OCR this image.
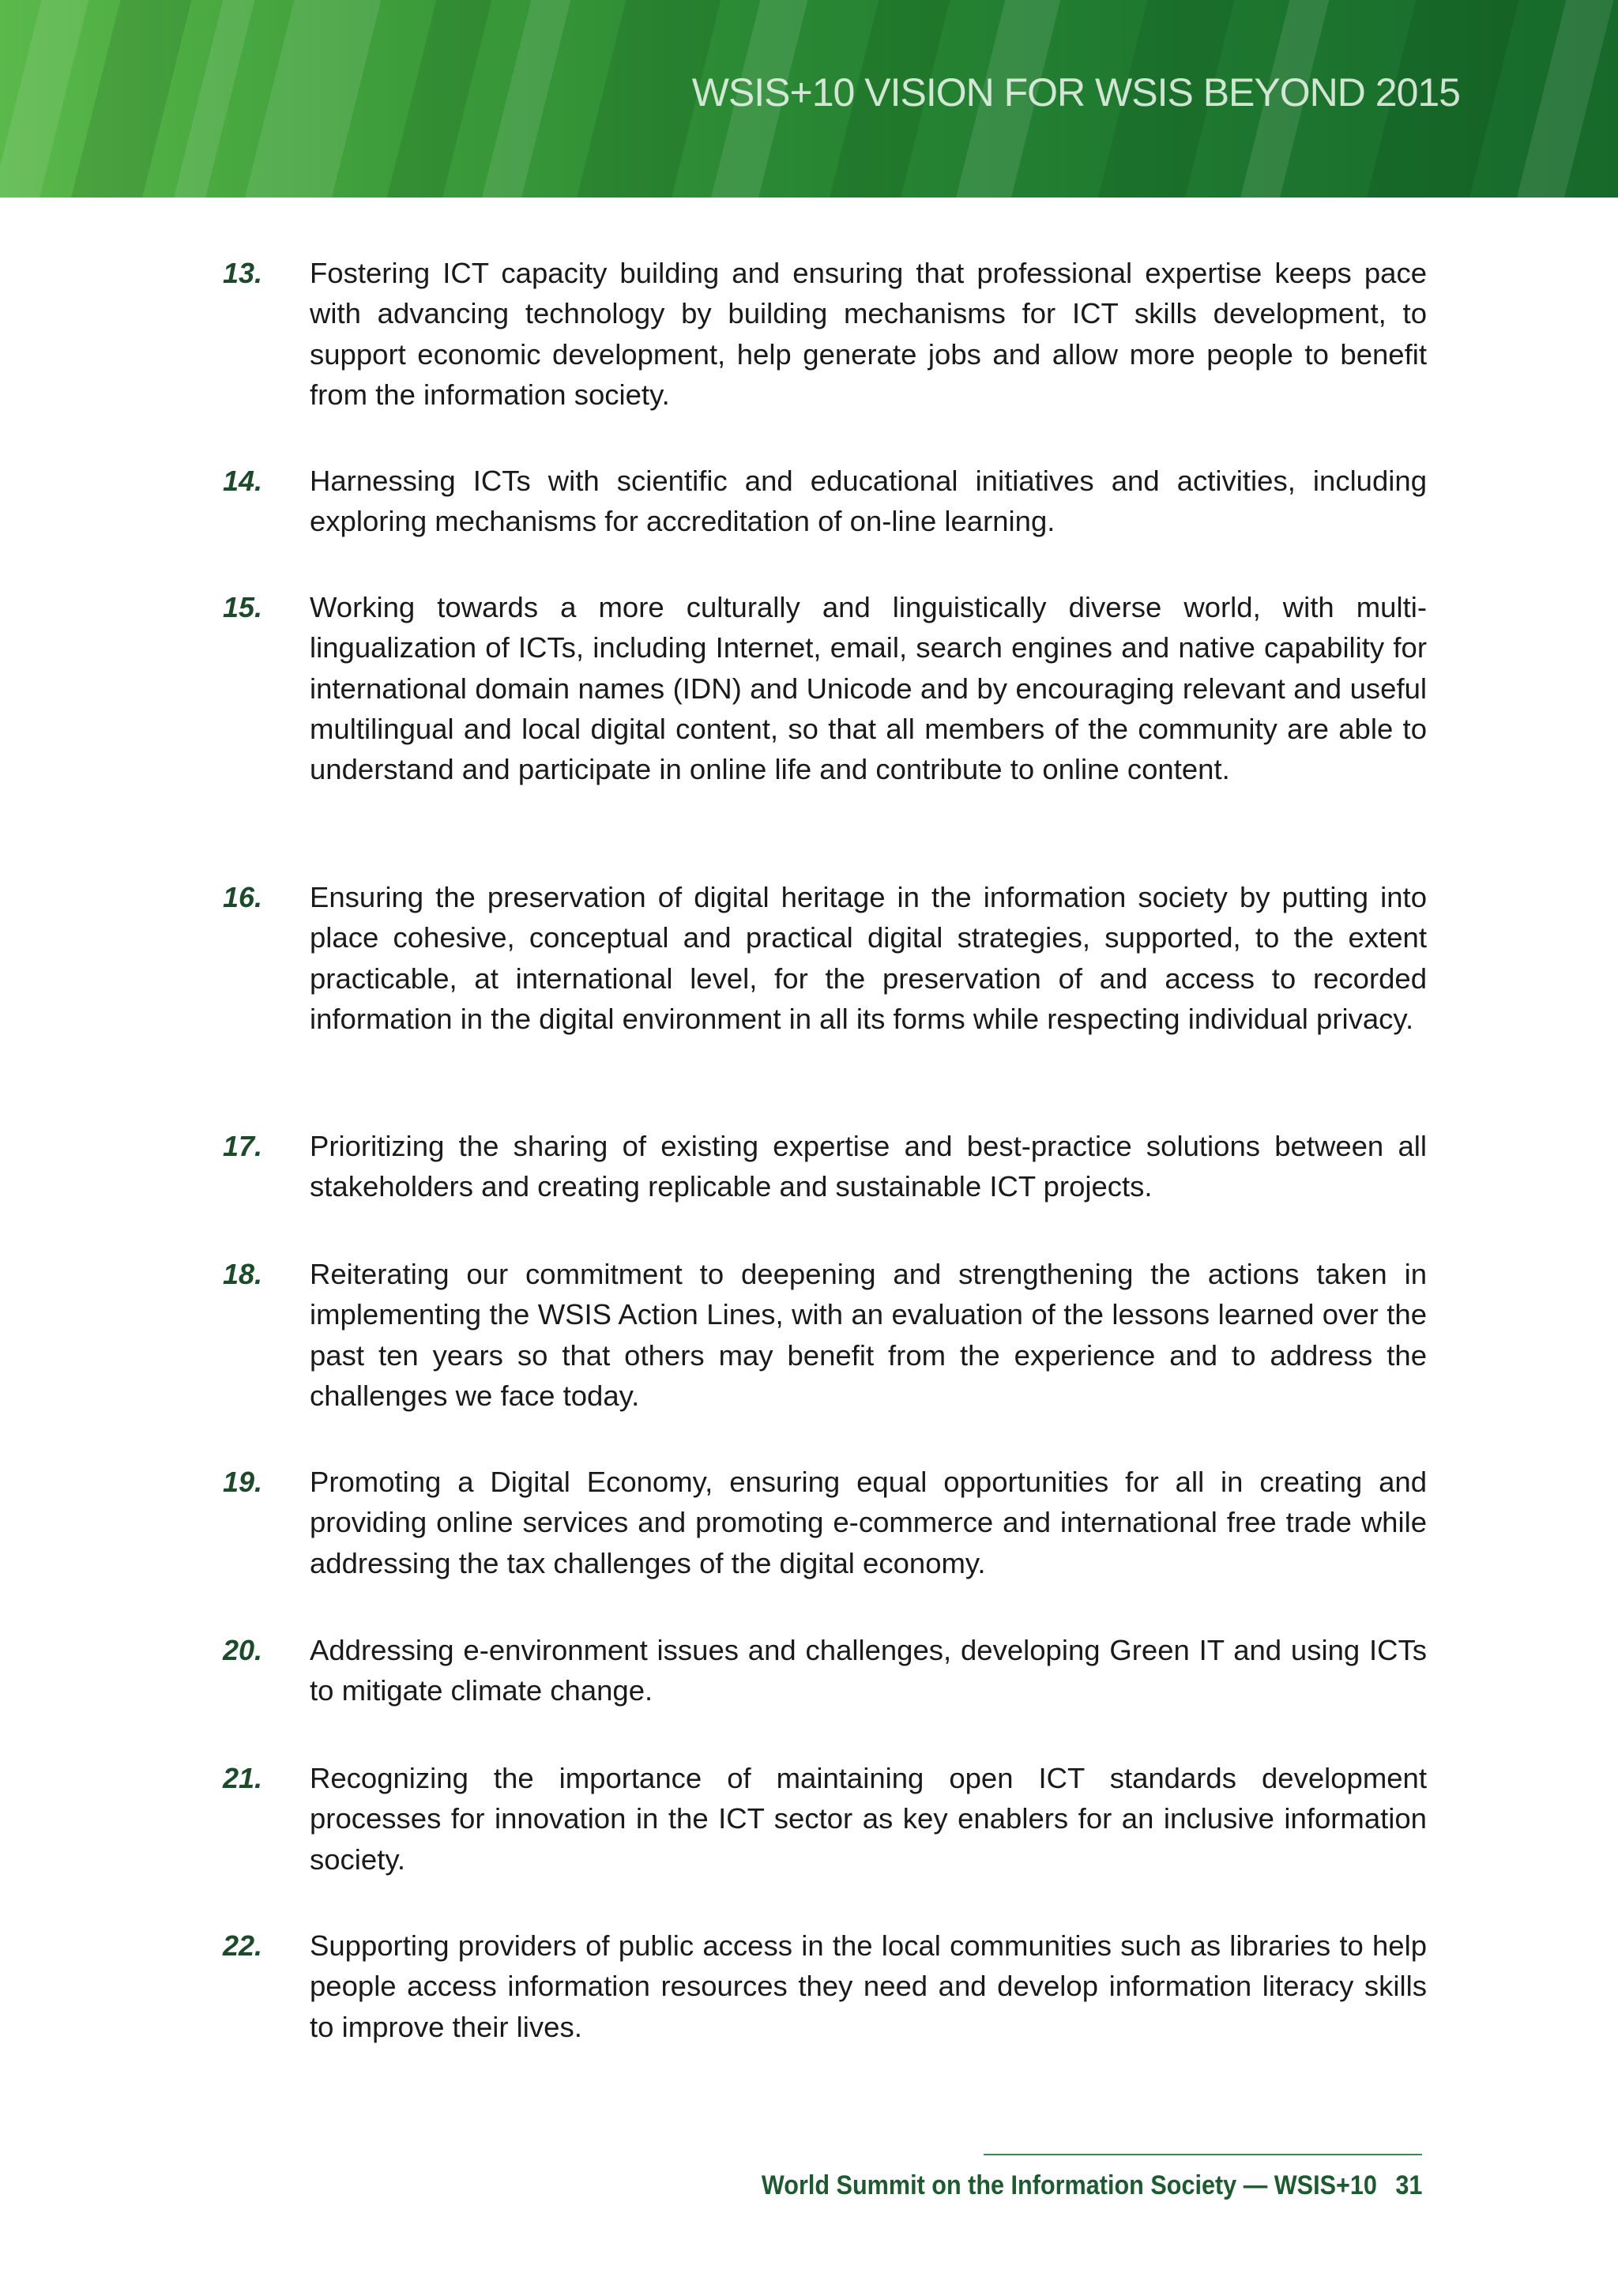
WSIS+10 VISION FOR WSIS BEYOND 2015
13.	Fostering ICT capacity building and ensuring that professional expertise keeps pace with advancing technology by building mechanisms for ICT skills development, to support economic development, help generate jobs and allow more people to benefit from the information society.
14.	Harnessing ICTs with scientific and educational initiatives and activities, including exploring mechanisms for accreditation of on-line learning.
15.	Working towards a more culturally and linguistically diverse world, with multi-lingualization of ICTs, including Internet, email, search engines and native capability for international domain names (IDN) and Unicode and by encouraging relevant and useful multilingual and local digital content, so that all members of the community are able to understand and participate in online life and contribute to online content.
16.	Ensuring the preservation of digital heritage in the information society by putting into place cohesive, conceptual and practical digital strategies, supported, to the extent practicable, at international level, for the preservation of and access to recorded information in the digital environment in all its forms while respecting individual privacy.
17.	Prioritizing the sharing of existing expertise and best-practice solutions between all stakeholders and creating replicable and sustainable ICT projects.
18.	Reiterating our commitment to deepening and strengthening the actions taken in implementing the WSIS Action Lines, with an evaluation of the lessons learned over the past ten years so that others may benefit from the experience and to address the challenges we face today.
19.	Promoting a Digital Economy, ensuring equal opportunities for all in creating and providing online services and promoting e-commerce and international free trade while addressing the tax challenges of the digital economy.
20.	Addressing e-environment issues and challenges, developing Green IT and using ICTs to mitigate climate change.
21.	Recognizing the importance of maintaining open ICT standards development processes for innovation in the ICT sector as key enablers for an inclusive information society.
22.	Supporting providers of public access in the local communities such as libraries to help people access information resources they need and develop information literacy skills to improve their lives.
World Summit on the Information Society — WSIS+10 31
